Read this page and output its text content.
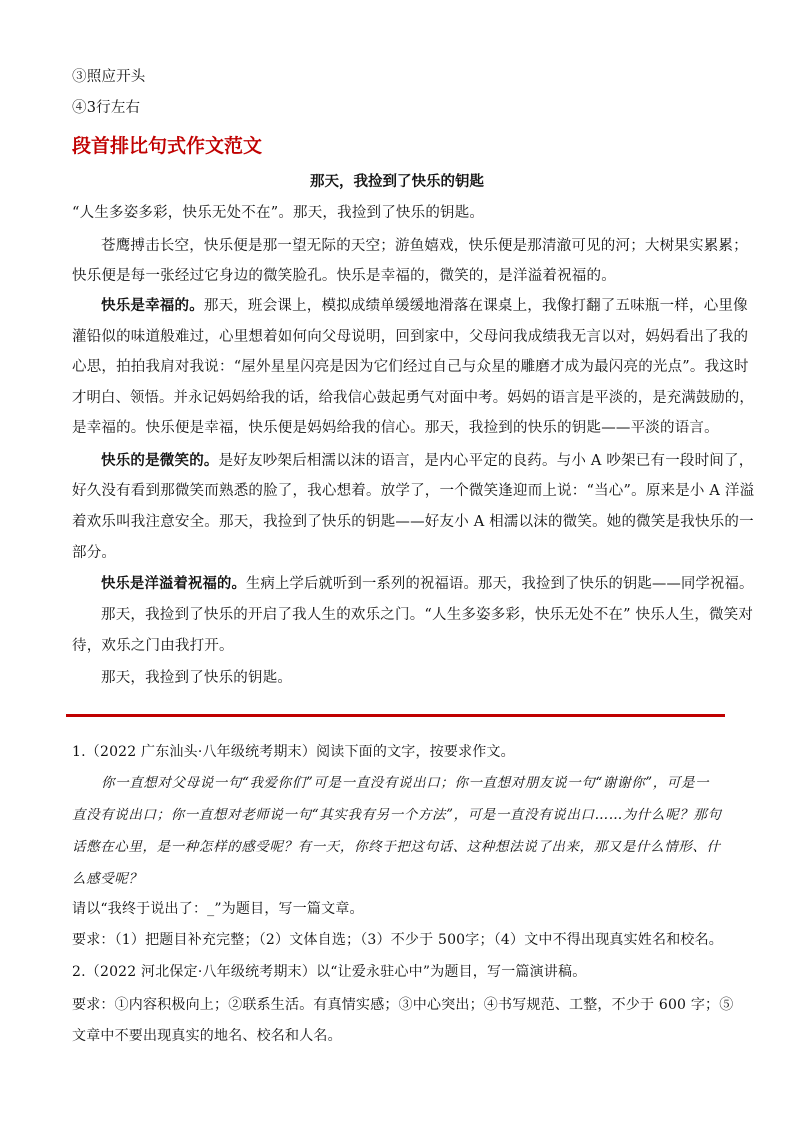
③照应开头
④3行左右
段首排比句式作文范文
那天，我捡到了快乐的钥匙
“人生多姿多彩，快乐无处不在”。那天，我捡到了快乐的钥匙。
苍鹰搏击长空，快乐便是那一望无际的天空；游鱼嬉戏，快乐便是那清澈可见的河；大树果实累累；
快乐便是每一张经过它身边的微笑脸孔。快乐是幸福的，微笑的，是洋溢着祝福的。
快乐是幸福的。那天，班会课上，模拟成绩单缓缓地滑落在课桌上，我像打翻了五味瓶一样，心里像
灌铅似的味道般难过，心里想着如何向父母说明，回到家中，父母问我成绩我无言以对，妈妈看出了我的
心思，拍拍我肩对我说：“屋外星星闪亮是因为它们经过自己与众星的雕磨才成为最闪亮的光点”。我这时
才明白、领悟。并永记妈妈给我的话，给我信心鼓起勇气对面中考。妈妈的语言是平淡的，是充满鼓励的，
是幸福的。快乐便是幸福，快乐便是妈妈给我的信心。那天，我捡到的快乐的钥匙——平淡的语言。
快乐的是微笑的。是好友吵架后相濡以沫的语言，是内心平定的良药。与小 A 吵架已有一段时间了，
好久没有看到那微笑而熟悉的脸了，我心想着。放学了，一个微笑逢迎而上说：“当心”。原来是小 A 洋溢
着欢乐叫我注意安全。那天，我捡到了快乐的钥匙——好友小 A 相濡以沫的微笑。她的微笑是我快乐的一
部分。
快乐是洋溢着祝福的。生病上学后就听到一系列的祝福语。那天，我捡到了快乐的钥匙——同学祝福。
那天，我捡到了快乐的开启了我人生的欢乐之门。“人生多姿多彩，快乐无处不在” 快乐人生，微笑对
待，欢乐之门由我打开。
那天，我捡到了快乐的钥匙。
1.（2022 广东汕头·八年级统考期末）阅读下面的文字，按要求作文。
你一直想对父母说一句“我爱你们”可是一直没有说出口；你一直想对朋友说一句“谢谢你”，可是一
直没有说出口；你一直想对老师说一句“其实我有另一个方法”，可是一直没有说出口……为什么呢？那句
话憋在心里，是一种怎样的感受呢？有一天，你终于把这句话、这种想法说了出来，那又是什么情形、什
么感受呢？
请以“我终于说出了：_”为题目，写一篇文章。
要求：（1）把题目补充完整；（2）文体自选；（3）不少于 500字；（4）文中不得出现真实姓名和校名。
2.（2022 河北保定·八年级统考期末）以“让爱永驻心中”为题目，写一篇演讲稿。
要求：①内容积极向上；②联系生活。有真情实感；③中心突出；④书写规范、工整，不少于 600 字；⑤
文章中不要出现真实的地名、校名和人名。
